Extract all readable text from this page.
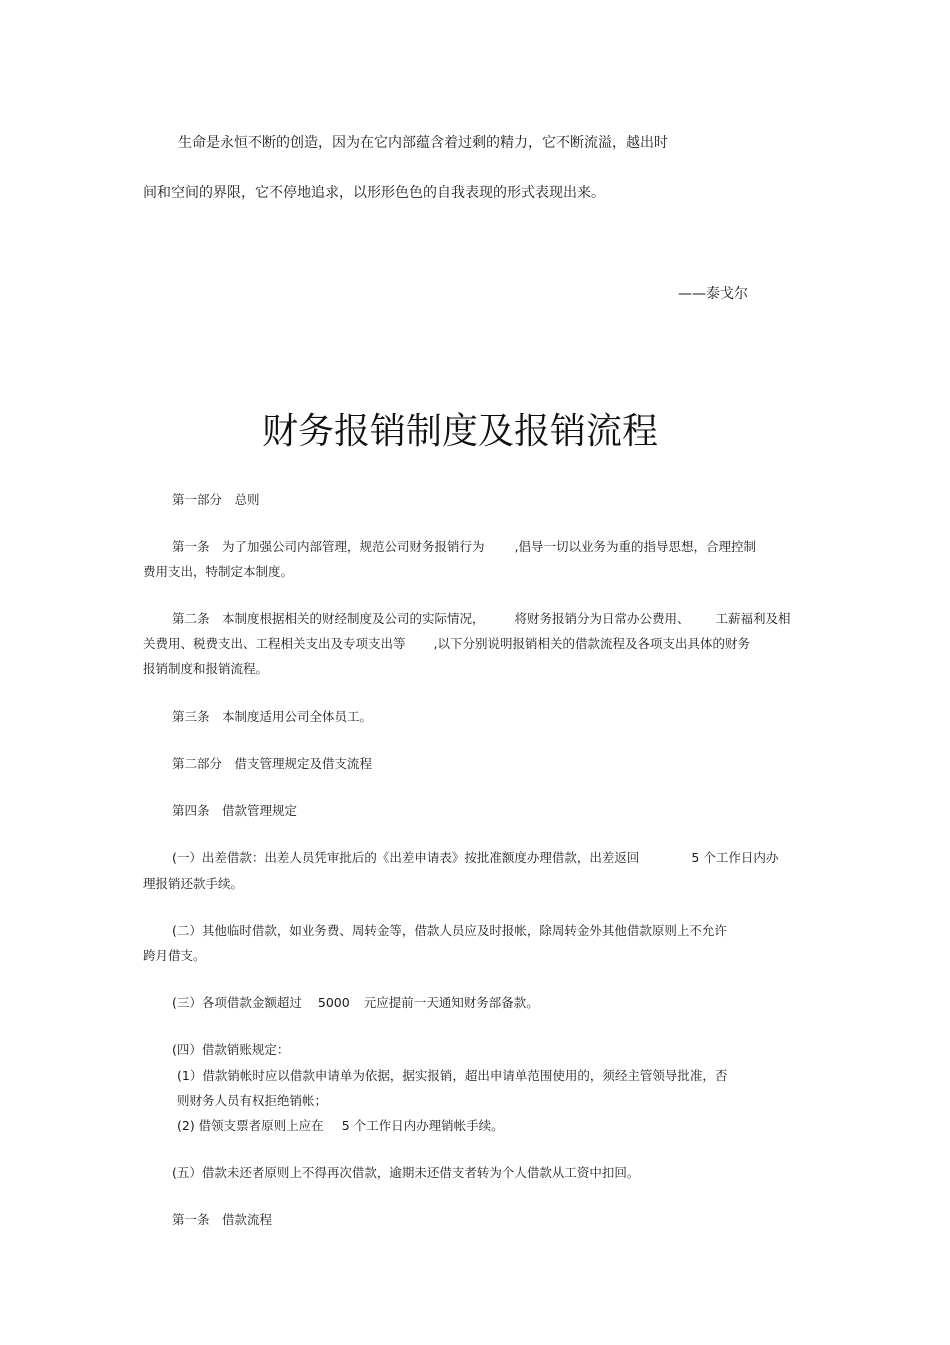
生命是永恒不断的创造，因为在它内部蕴含着过剩的精力，它不断流溢，越出时
间和空间的界限，它不停地追求，以形形色色的自我表现的形式表现出来。
——泰戈尔
财务报销制度及报销流程
第一部分　总则
第一条　为了加强公司内部管理，规范公司财务报销行为 ,倡导一切以业务为重的指导思想，合理控制
费用支出，特制定本制度。
第二条　本制度根据相关的财经制度及公司的实际情况， 将财务报销分为日常办公费用、 工薪福利及相
关费用、税费支出、工程相关支出及专项支出等 ,以下分别说明报销相关的借款流程及各项支出具体的财务
报销制度和报销流程。
第三条　本制度适用公司全体员工。
第二部分　借支管理规定及借支流程
第四条　借款管理规定
(一）出差借款：出差人员凭审批后的《出差申请表》按批准额度办理借款，出差返回	5 个工作日内办
理报销还款手续。
(二）其他临时借款，如业务费、周转金等，借款人员应及时报帐，除周转金外其他借款原则上不允许
跨月借支。
(三）各项借款金额超过 5000 元应提前一天通知财务部备款。
(四）借款销账规定：
(1）借款销帐时应以借款申请单为依据，据实报销，超出申请单范围使用的，须经主管领导批准，否
则财务人员有权拒绝销帐；
(2) 借领支票者原则上应在 5 个工作日内办理销帐手续。
(五）借款未还者原则上不得再次借款，逾期未还借支者转为个人借款从工资中扣回。
第一条　借款流程
